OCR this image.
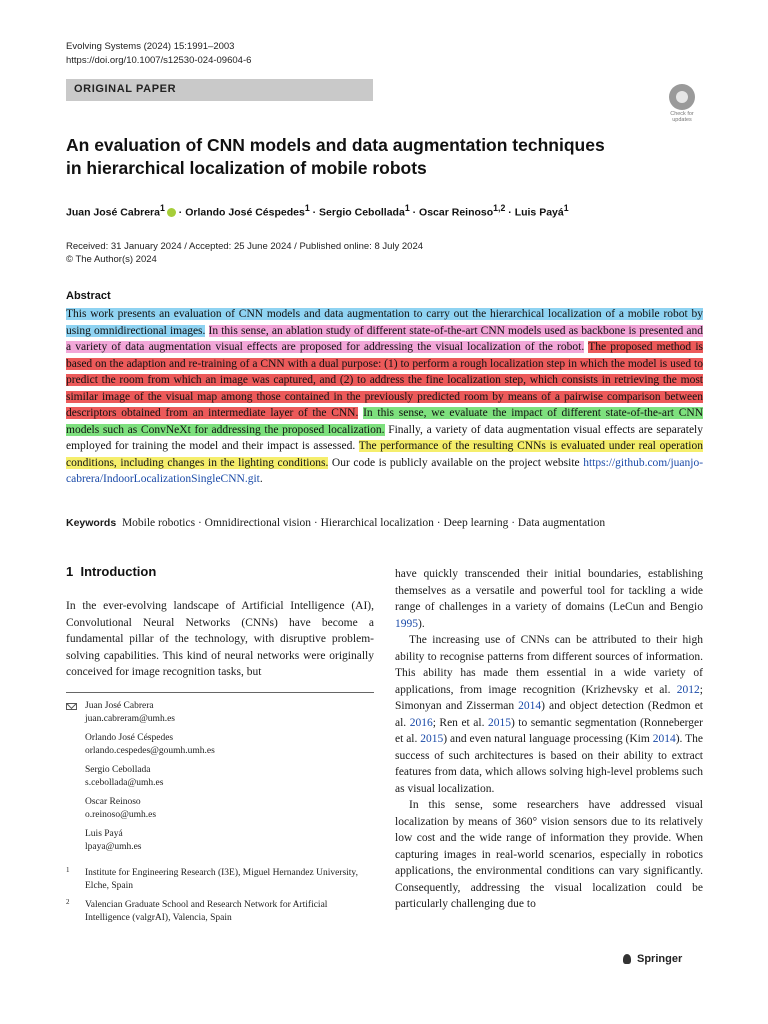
Evolving Systems (2024) 15:1991–2003
https://doi.org/10.1007/s12530-024-09604-6
ORIGINAL PAPER
Check for
updates
An evaluation of CNN models and data augmentation techniques
in hierarchical localization of mobile robots
Juan José Cabrera$^1$ · Orlando José Céspedes$^1$ · Sergio Cebollada$^1$ · Oscar Reinoso$^{1,2}$ · Luis Payá$^1$
Received: 31 January 2024 / Accepted: 25 June 2024 / Published online: 8 July 2024
© The Author(s) 2024
Abstract
This work presents an evaluation of CNN models and data augmentation to carry out the hierarchical localization of a mobile robot by using omnidirectional images. In this sense, an ablation study of different state-of-the-art CNN models used as backbone is presented and a variety of data augmentation visual effects are proposed for addressing the visual localization of the robot. The proposed method is based on the adaption and re-training of a CNN with a dual purpose: (1) to perform a rough localization step in which the model is used to predict the room from which an image was captured, and (2) to address the fine localization step, which consists in retrieving the most similar image of the visual map among those contained in the previously predicted room by means of a pairwise comparison between descriptors obtained from an intermediate layer of the CNN. In this sense, we evaluate the impact of different state-of-the-art CNN models such as ConvNeXt for addressing the proposed localization. Finally, a variety of data augmentation visual effects are separately employed for training the model and their impact is assessed. The performance of the resulting CNNs is evaluated under real operation conditions, including changes in the lighting conditions. Our code is publicly available on the project website https://github.com/juanjo-cabrera/IndoorLocalizationSingleCNN.git.
Keywords Mobile robotics · Omnidirectional vision · Hierarchical localization · Deep learning · Data augmentation
1 Introduction

In the ever-evolving landscape of Artificial Intelligence (AI), Convolutional Neural Networks (CNNs) have become a fundamental pillar of the technology, with disruptive problem-solving capabilities. This kind of neural networks were originally conceived for image recognition tasks, but

have quickly transcended their initial boundaries, establishing themselves as a versatile and powerful tool for tackling a wide range of challenges in a variety of domains (LeCun and Bengio 1995).

The increasing use of CNNs can be attributed to their high ability to recognise patterns from different sources of information. This ability has made them essential in a wide variety of applications, from image recognition (Krizhevsky et al. 2012; Simonyan and Zisserman 2014) and object detection (Redmon et al. 2016; Ren et al. 2015) to semantic segmentation (Ronneberger et al. 2015) and even natural language processing (Kim 2014). The success of such architectures is based on their ability to extract features from data, which allows solving high-level problems such as visual localization.

In this sense, some researchers have addressed visual localization by means of 360° vision sensors due to its relatively low cost and the wide range of information they provide. When capturing images in real-world scenarios, especially in robotics applications, the environmental conditions can vary significantly. Consequently, addressing the visual localization could be particularly challenging due to

Juan José Cabrera
juan.cabreram@umh.es
Orlando José Céspedes
orlando.cespedes@goumh.umh.es
Sergio Cebollada
s.cebollada@umh.es
Oscar Reinoso
o.reinoso@umh.es
Luis Payá
lpaya@umh.es
1 Institute for Engineering Research (I3E), Miguel Hernandez University, Elche, Spain
2 Valencian Graduate School and Research Network for Artificial Intelligence (valgrAI), Valencia, Spain
Springer
